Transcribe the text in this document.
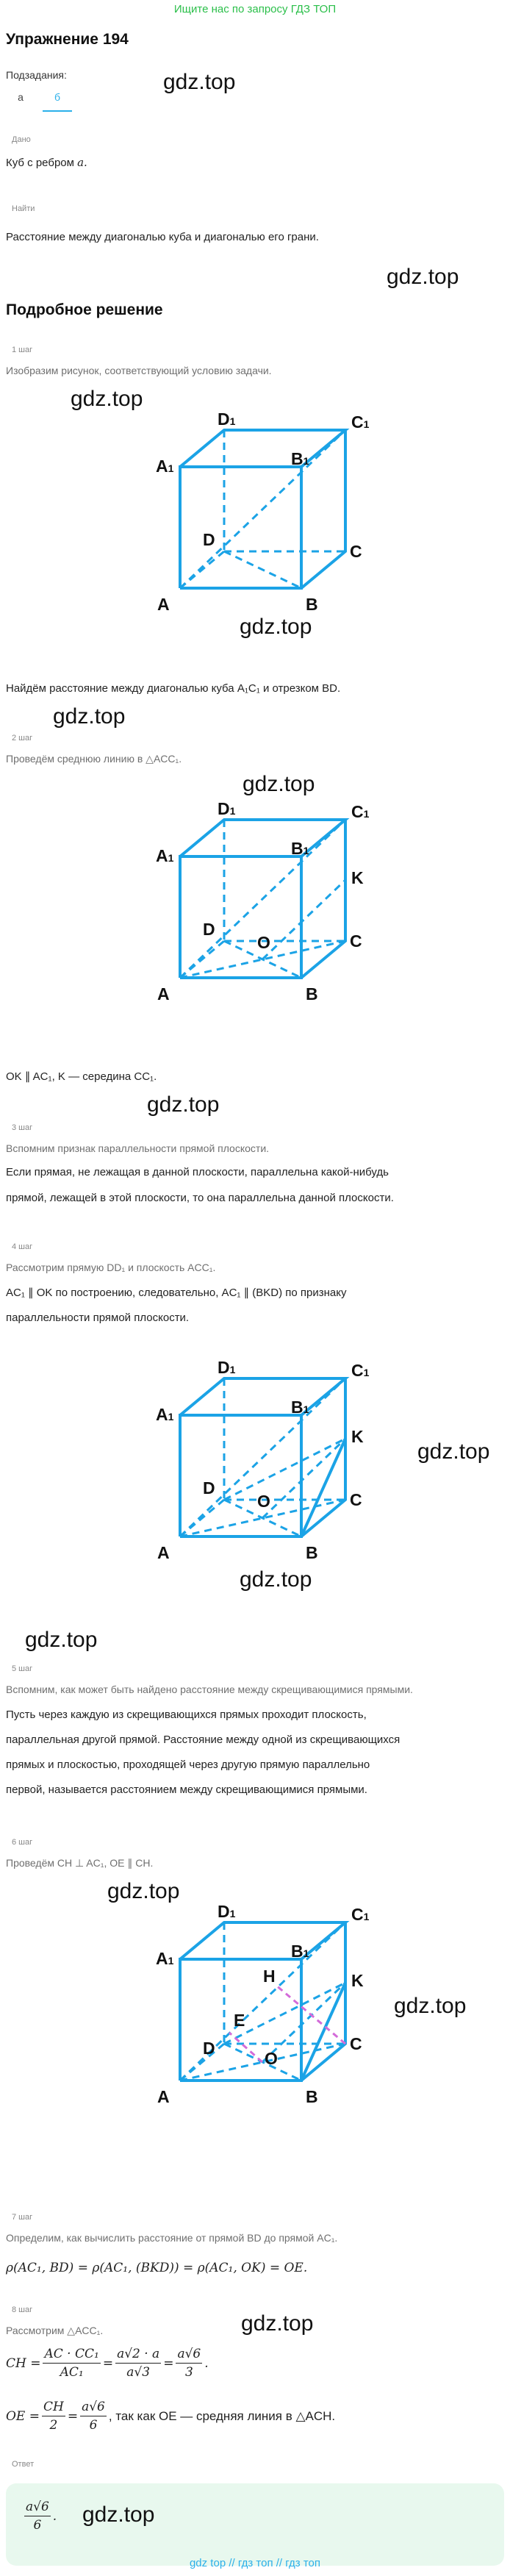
Ищите нас по запросу ГДЗ ТОП
Упражнение 194
Подзадания:
а	б
gdz.top
Дано
Куб с ребром a.
Найти
Расстояние между диагональю куба и диагональю его грани.
gdz.top
Подробное решение
1 шаг
Изобразим рисунок, соответствующий условию задачи.
gdz.top
A1
D1	C1
B1
D
C
A	B
gdz.top
Найдём расстояние между диагональю куба A₁C₁ и отрезком BD.
gdz.top
2 шаг
Проведём среднюю линию в △ACC₁.
gdz.top
A1
D1	C1
B1
D
O
K
C
A	B
OK ∥ AC₁, K — середина CC₁.
gdz.top
3 шаг
Вспомним признак параллельности прямой плоскости.
Если прямая, не лежащая в данной плоскости, параллельна какой-нибудь
прямой, лежащей в этой плоскости, то она параллельна данной плоскости.
4 шаг
Рассмотрим прямую DD₁ и плоскость ACC₁.
AC₁ ∥ OK по построению, следовательно, AC₁ ∥ (BKD) по признаку
параллельности прямой плоскости.
A1
D1	C1
B1
D
O
K
C
A	B
gdz.top
gdz.top
gdz.top
5 шаг
Вспомним, как может быть найдено расстояние между скрещивающимися прямыми.
Пусть через каждую из скрещивающихся прямых проходит плоскость,
параллельная другой прямой. Расстояние между одной из скрещивающихся
прямых и плоскостью, проходящей через другую прямую параллельно
первой, называется расстоянием между скрещивающимися прямыми.
6 шаг
Проведём CH ⊥ AC₁, OE ∥ CH.
gdz.top
A1
D1	C1
B1
H
E
D
O
K
C
A	B
gdz.top
7 шаг
Определим, как вычислить расстояние от прямой BD до прямой AC₁.
ρ(AC₁, BD) = ρ(AC₁, (BKD)) = ρ(AC₁, OK) = OE.
8 шаг
Рассмотрим △ACC₁.	gdz.top
CH = $\frac{\text{AC · CC₁}}{\text{AC₁}} = \frac{a√2 \cdot a}{a√3} = \frac{a√6}{3}$ .
OE = $\frac{CH}{2} = \frac{a√6}{6}$ , так как OE — средняя линия в △ACH.
Ответ
$\frac{a√6}{6}$ . gdz.top
gdz top // гдз топ // гдз топ
